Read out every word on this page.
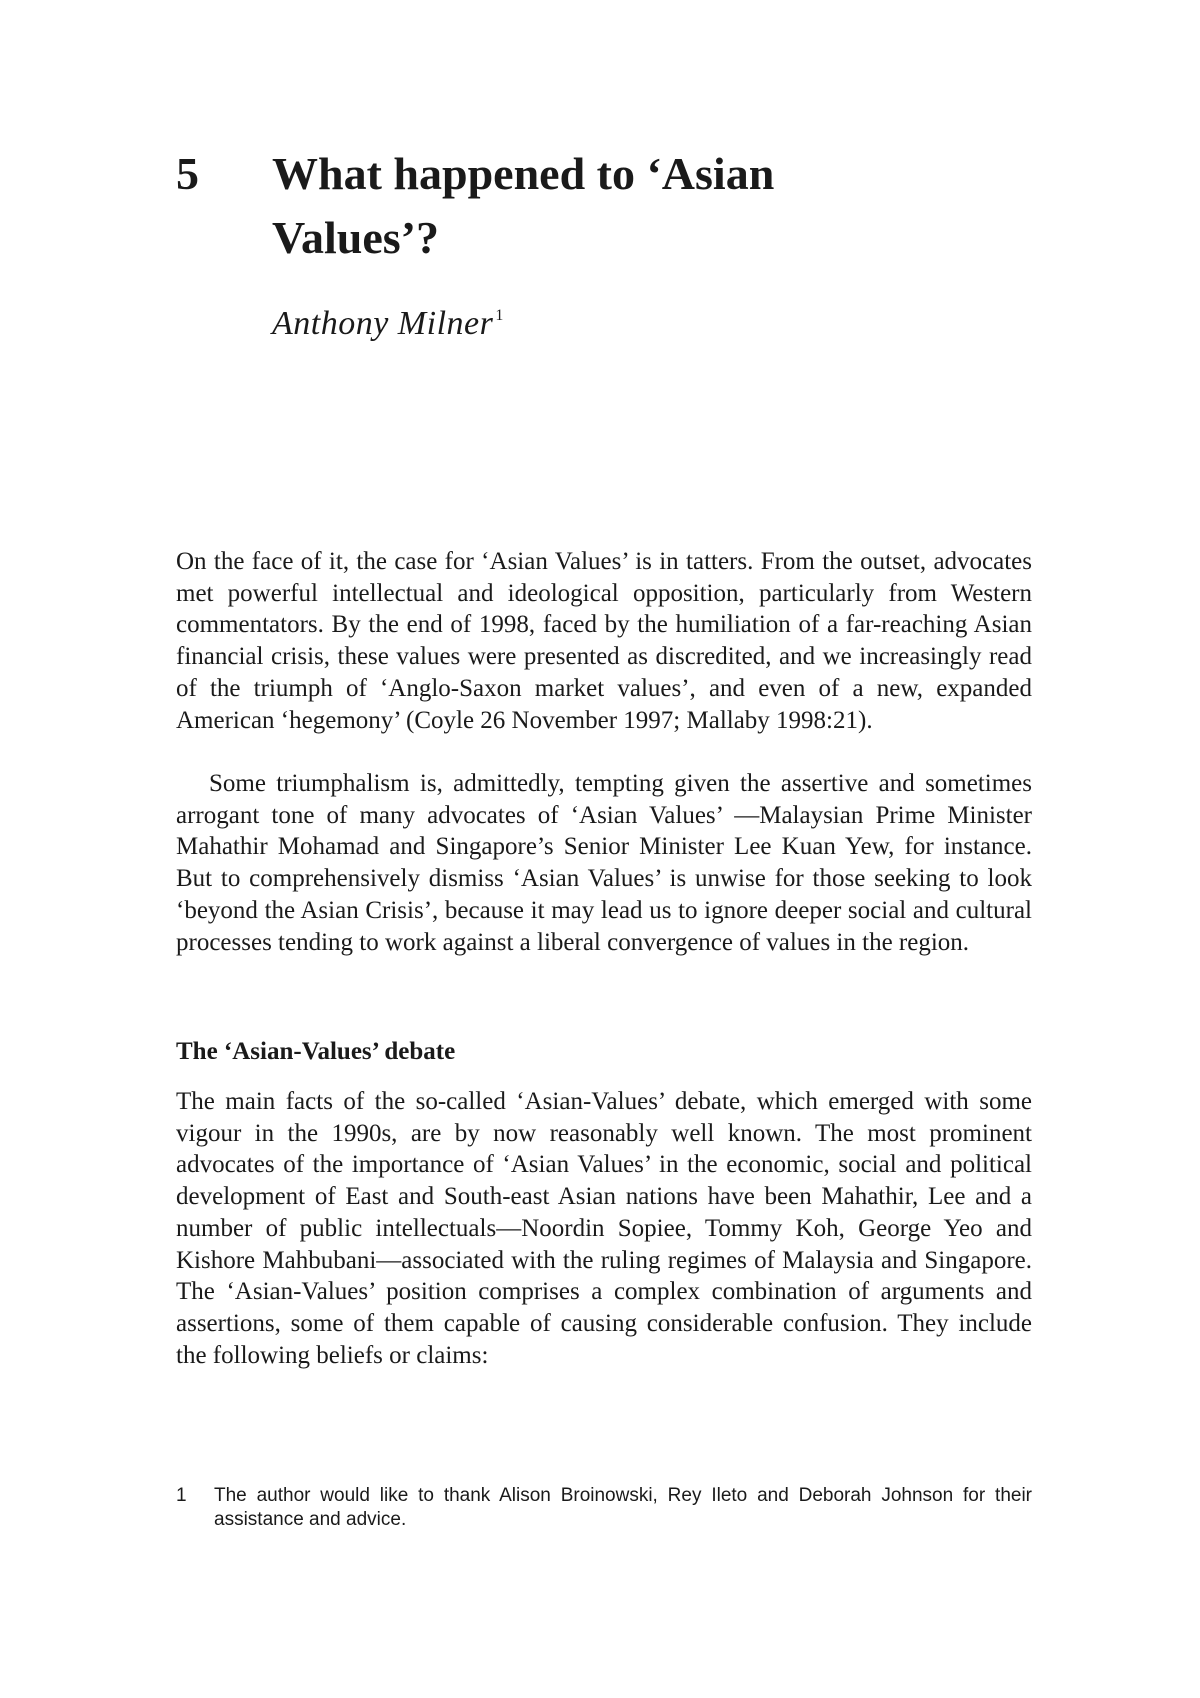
5 What happened to ‘Asian Values’?

Anthony Milner $^1$

On the face of it, the case for ‘Asian Values’ is in tatters. From the outset, advocates met powerful intellectual and ideological opposition, particularly from Western commentators. By the end of 1998, faced by the humiliation of a far-reaching Asian financial crisis, these values were presented as discredited, and we increasingly read of the triumph of ‘Anglo-Saxon market values’, and even of a new, expanded American ‘hegemony’ (Coyle 26 November 1997; Mallaby 1998:21).

Some triumphalism is, admittedly, tempting given the assertive and sometimes arrogant tone of many advocates of ‘Asian Values’ —Malaysian Prime Minister Mahathir Mohamad and Singapore’s Senior Minister Lee Kuan Yew, for instance. But to comprehensively dismiss ‘Asian Values’ is unwise for those seeking to look ‘beyond the Asian Crisis’, because it may lead us to ignore deeper social and cultural processes tending to work against a liberal convergence of values in the region.

The ‘Asian-Values’ debate

The main facts of the so-called ‘Asian-Values’ debate, which emerged with some vigour in the 1990s, are by now reasonably well known. The most prominent advocates of the importance of ‘Asian Values’ in the economic, social and political development of East and South-east Asian nations have been Mahathir, Lee and a number of public intellectuals—Noordin Sopiee, Tommy Koh, George Yeo and Kishore Mahbubani—associated with the ruling regimes of Malaysia and Singapore. The ‘Asian-Values’ position comprises a complex combination of arguments and assertions, some of them capable of causing considerable confusion. They include the following beliefs or claims:

1	The author would like to thank Alison Broinowski, Rey Ileto and Deborah Johnson for their assistance and advice.
